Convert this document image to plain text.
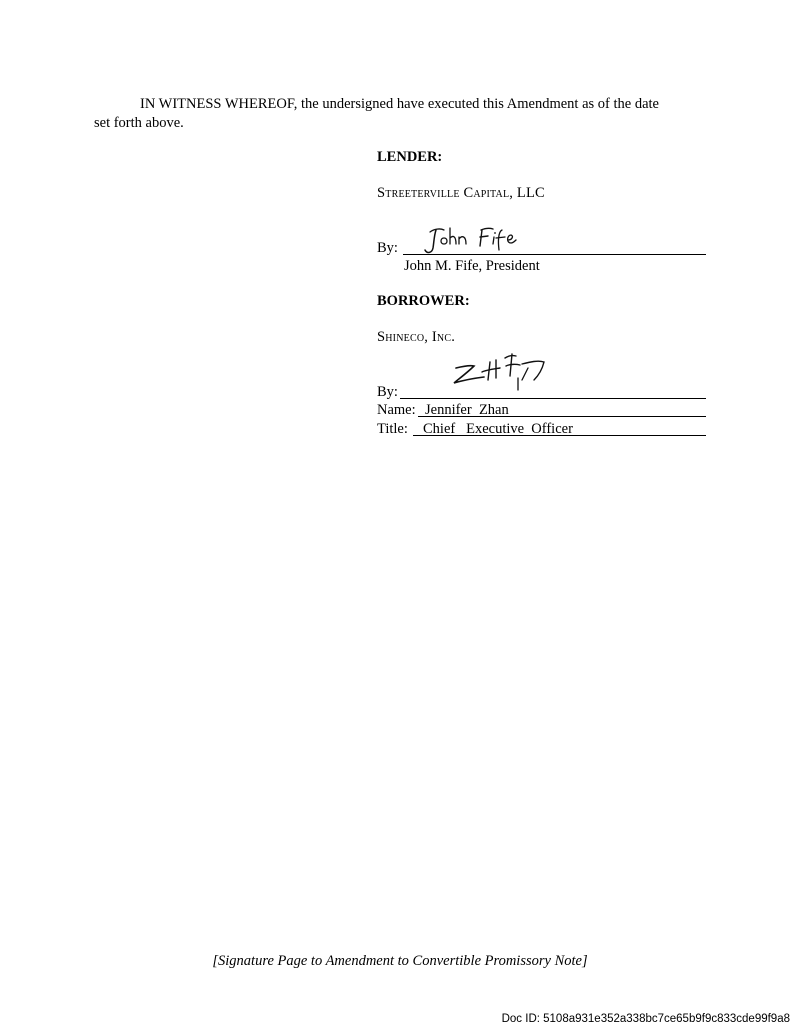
IN WITNESS WHEREOF, the undersigned have executed this Amendment as of the date
set forth above.
LENDER:
Streeterville Capital, LLC
By:
John M. Fife, President
BORROWER:
Shineco, Inc.
By:
Name: Jennifer  Zhan
Title: Chief   Executive  Officer
[Signature Page to Amendment to Convertible Promissory Note]
Doc ID: 5108a931e352a338bc7ce65b9f9c833cde99f9a8
